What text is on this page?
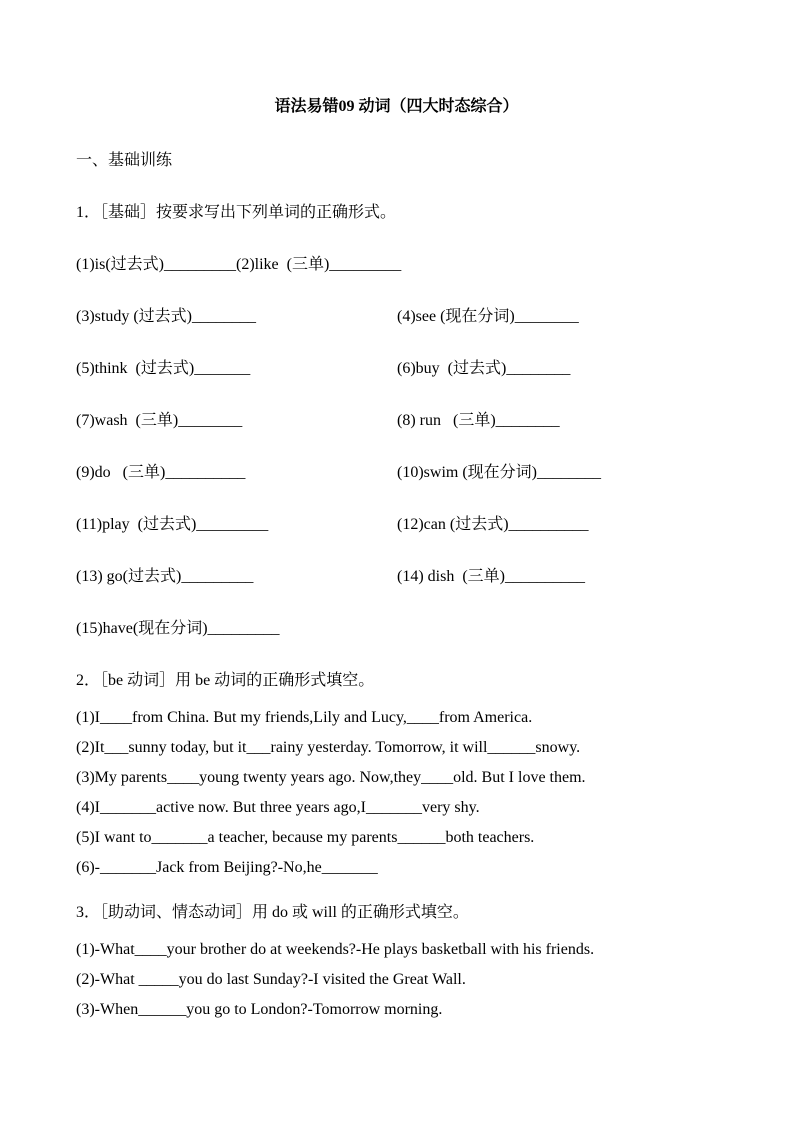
语法易错09 动词（四大时态综合）
一、基础训练
1．［基础］按要求写出下列单词的正确形式。
(1)is(过去式)_________(2)like  (三单)_________
(3)study (过去式)________	(4)see (现在分词)________
(5)think  (过去式)_______	(6)buy  (过去式)________
(7)wash  (三单)________	(8) run   (三单)________
(9)do   (三单)__________	(10)swim (现在分词)________
(11)play  (过去式)_________	(12)can (过去式)__________
(13) go(过去式)_________	(14) dish  (三单)__________
(15)have(现在分词)_________
2．［be 动词］用 be 动词的正确形式填空。
(1)I____from China. But my friends,Lily and Lucy,____from America.
(2)It___sunny today, but it___rainy yesterday. Tomorrow, it will______snowy.
(3)My parents____young twenty years ago. Now,they____old. But I love them.
(4)I_______active now. But three years ago,I_______very shy.
(5)I want to_______a teacher, because my parents______both teachers.
(6)-_______Jack from Beijing?-No,he_______
3．［助动词、情态动词］用 do 或 will 的正确形式填空。
(1)-What____your brother do at weekends?-He plays basketball with his friends.
(2)-What _____you do last Sunday?-I visited the Great Wall.
(3)-When______you go to London?-Tomorrow morning.
